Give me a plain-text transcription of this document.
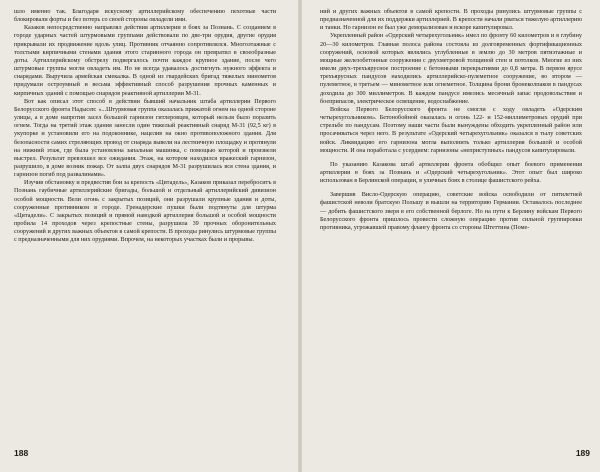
шло именно так. Благодаря искусному артиллерийскому обеспечению пехотные части блокировали форты и без потерь со своей стороны овладели ими.

Казаков непосредственно направлял действия артиллерии в боях за Познань. С созданием в городе ударных частей штурмовыми группами действовали по две-три орудия, другие орудия прикрывали их продвижение вдоль улиц. Противник отчаянно сопротивлялся. Многоэтажные с толстыми кирпичными стенами здания этого старинного города он превратил в своеобразные доты. Артиллерийскому обстрелу подвергалось почти каждое крупное здание, после чего штурмовые группы могли овладеть им. Но не всегда удавалось достигнуть нужного эффекта и снарядами. Выручила армейская смекалка. В одной из гвардейских бригад тяжелых минометов придумали остроумный и весьма эффективный способ разрушения прочных каменных и кирпичных зданий с помощью снарядов реактивной артиллерии М-31.

Вот как описал этот способ в действии бывший начальник штаба артиллерии Первого Белорусского фронта Надысев: «...Штурмовая группа оказалась прижатой огнем на одной стороне улицы, а в доме напротив засел большой гарнизон гитлеровцев, который нельзя было поразить огнем. Тогда на третий этаж здания занесли один тяжелый реактивный снаряд М-31 (92,5 кг) в укупорке и установили его на подоконнике, нацелив на окно противоположного здания. Для безопасности самих стреляющих провод от снаряда вывели на лестничную площадку и протянули на нижний этаж, где была установлена запальная машинка, с помощью которой и произвели выстрел. Результат превзошел все ожидания. Этаж, на котором находился вражеский гарнизон, разрушило, в доме возник пожар. От залпа двух снарядов М-31 разрушилась вся стена здания, и гарнизон погиб под развалинами».

Изучив обстановку и предвестив бои за крепость «Цитадель», Казаков приказал переброситъ в Познань гаубичные артиллерийские бригады, большой и отдельный артиллерийский дивизион особой мощности. Вели огонь с закрытых позиций, они разрушали крупные здания и доты, сооруженные противником в городе. Гренадерские пушки были подтянуты для штурма «Цитадели». С закрытых позиций и прямой наводкой артиллерия большой и особой мощности пробила 14 проходов через крепостные стены, разрушила 39 прочных оборонительных сооружений и других важных объектов в самой крепости. В проходы ринулись штурмовые группы с предназначенными для них орудиями. Впрочем, на некоторых участках были и прорывы.

188

ний и других важных объектов в самой крепости. В проходы ринулись штурмовые группы с предназначенной для их поддержки артиллерией. В крепости начали рваться тяжелую артиллерию и танки. Но гарнизон ее был уже деморализован и вскоре капитулировал.

Укрепленный район «Одерский четырехугольник» имел по фронту 60 километров и в глубину 20—30 километров. Главная полоса района состояла из долговременных фортификационных сооружений, основой которых являлись углубленные в землю до 30 метров пятиэтажные и мощные железобетонные сооружения с двухметровой толщиной стен и потолков. Многие из них имели двух-трехъярусное построение с бетонными перекрытиями до 0,8 метра. В первом ярусе трехъярусных пандусов находились артиллерийско-пулеметное сооружение, во втором — пулеметное, в третьем — минометное или огнеметное. Толщина брони бронеколпаков в пандусах доходила до 300 миллиметров. В каждом пандусе имелись месячный запас продовольствия и боеприпасов, электрическое освещение, водоснабжение.

Войска Первого Белорусского фронта не смогли с ходу овладеть «Одерским четырехугольником». Бетонобойной оказалась и огонь 122- и 152-миллиметровых орудий при стрельбе по пандусам. Поэтому наши части были вынуждены обходить укрепленный район или просачиваться через него. В результате «Одерский четырехугольник» оказался в тылу советских войск. Ликвидацию его гарнизона могла выполнить только артиллерия большой и особой мощности. И она поработала с усердием: гарнизоны «неприступных» пандусов капитулировали.

По указанию Казакова штаб артиллерии фронта обобщил опыт боевого применения артиллерии в боях за Познань и «Одерский четырехугольник». Этот опыт был широко использован в Берлинской операции, в уличных боях в столице фашистского рейха.

Завершив Висло-Одерскую операцию, советские войска освободили от пятилетней фашистской неволи братскую Польшу и вышли на территорию Германии. Оставалось последнее — добить фашистского зверя в его собственной берлоге. Но на пути к Берлину войскам Первого Белорусского фронта пришлось провести сложную операцию против сильной группировки противника, угрожавшей правому флангу фронта со стороны Штеттина (Поме-

189
